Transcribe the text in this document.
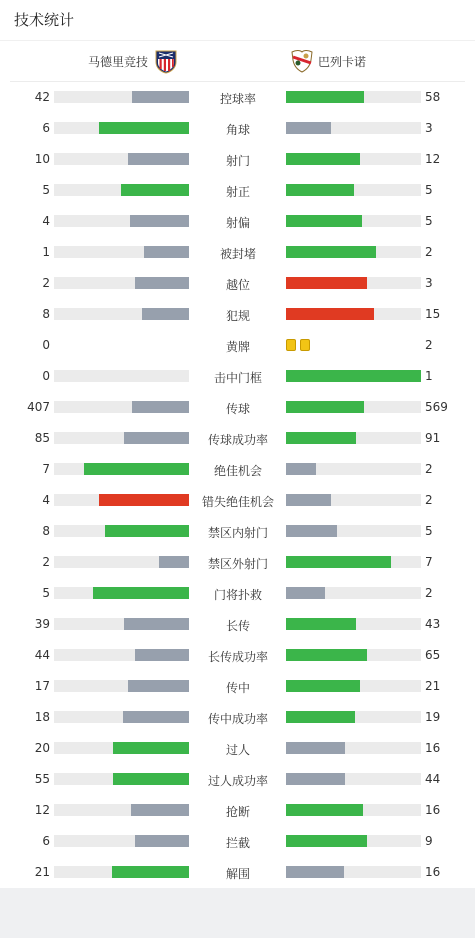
技术统计
马德里竞技	巴列卡诺
42	控球率	58
6	角球	3
10	射门	12
5	射正	5
4	射偏	5
1	被封堵	2
2	越位	3
8	犯规	15
0	黄牌	2
0	击中门框	1
407	传球	569
85	传球成功率	91
7	绝佳机会	2
4	错失绝佳机会	2
8	禁区内射门	5
2	禁区外射门	7
5	门将扑救	2
39	长传	43
44	长传成功率	65
17	传中	21
18	传中成功率	19
20	过人	16
55	过人成功率	44
12	抢断	16
6	拦截	9
21	解围	16
